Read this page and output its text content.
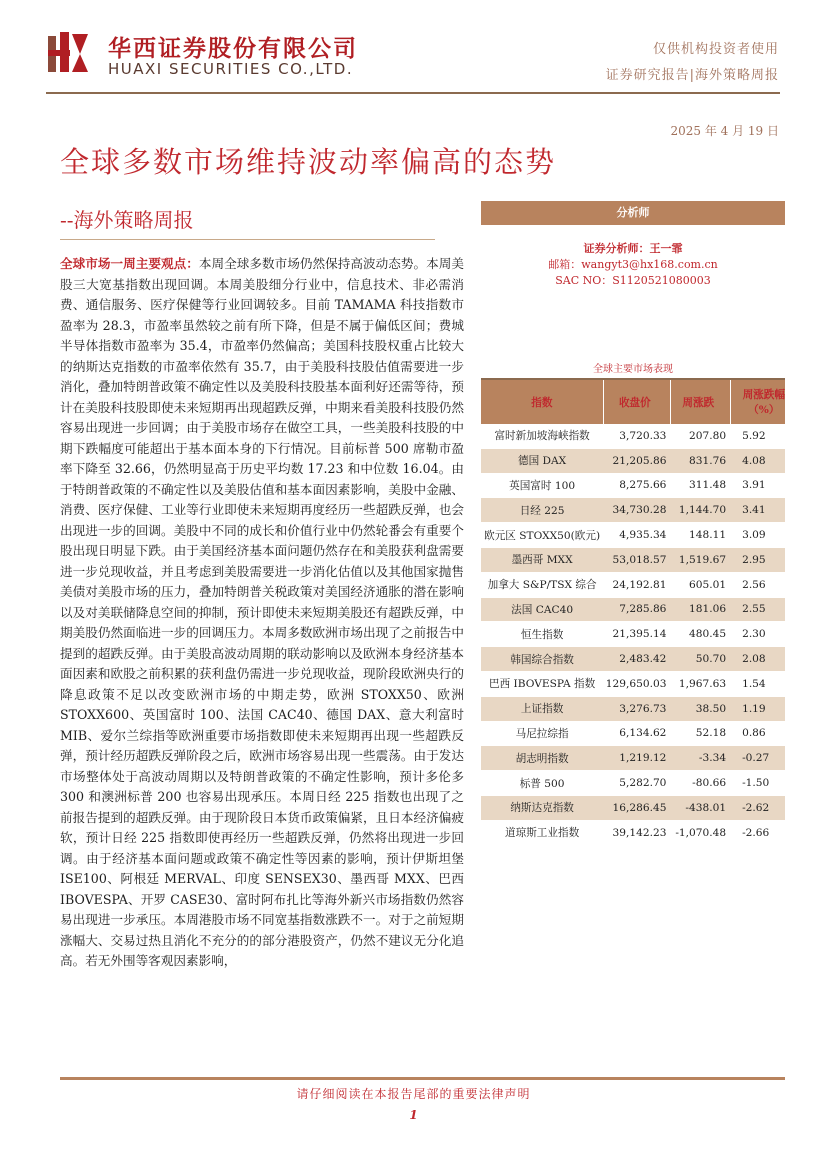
华西证券股份有限公司
HUAXI SECURITIES CO.,LTD.
仅供机构投资者使用
证券研究报告|海外策略周报
2025 年 4 月 19 日
全球多数市场维持波动率偏高的态势
--海外策略周报
全球市场一周主要观点：本周全球多数市场仍然保持高波动态势。本周美股三大宽基指数出现回调。本周美股细分行业中，信息技术、非必需消费、通信服务、医疗保健等行业回调较多。目前 TAMAMA 科技指数市盈率为 28.3，市盈率虽然较之前有所下降，但是不属于偏低区间；费城半导体指数市盈率为 35.4，市盈率仍然偏高；美国科技股权重占比较大的纳斯达克指数的市盈率依然有 35.7，由于美股科技股估值需要进一步消化，叠加特朗普政策不确定性以及美股科技股基本面利好还需等待，预计在美股科技股即使未来短期再出现超跌反弹，中期来看美股科技股仍然容易出现进一步回调；由于美股市场存在做空工具，一些美股科技股的中期下跌幅度可能超出于基本面本身的下行情况。目前标普 500 席勒市盈率下降至 32.66，仍然明显高于历史平均数 17.23 和中位数 16.04。由于特朗普政策的不确定性以及美股估值和基本面因素影响，美股中金融、消费、医疗保健、工业等行业即使未来短期再度经历一些超跌反弹，也会出现进一步的回调。美股中不同的成长和价值行业中仍然轮番会有重要个股出现日明显下跌。由于美国经济基本面问题仍然存在和美股获利盘需要进一步兑现收益，并且考虑到美股需要进一步消化估值以及其他国家抛售美债对美股市场的压力，叠加特朗普关税政策对美国经济通胀的潜在影响以及对美联储降息空间的抑制，预计即使未来短期美股还有超跌反弹，中期美股仍然面临进一步的回调压力。本周多数欧洲市场出现了之前报告中提到的超跌反弹。由于美股高波动周期的联动影响以及欧洲本身经济基本面因素和欧股之前积累的获利盘仍需进一步兑现收益，现阶段欧洲央行的降息政策不足以改变欧洲市场的中期走势，欧洲 STOXX50、欧洲 STOXX600、英国富时 100、法国 CAC40、德国 DAX、意大利富时 MIB、爱尔兰综指等欧洲重要市场指数即使未来短期再出现一些超跌反弹，预计经历超跌反弹阶段之后，欧洲市场容易出现一些震荡。由于发达市场整体处于高波动周期以及特朗普政策的不确定性影响，预计多伦多 300 和澳洲标普 200 也容易出现承压。本周日经 225 指数也出现了之前报告提到的超跌反弹。由于现阶段日本货币政策偏紧，且日本经济偏疲软，预计日经 225 指数即使再经历一些超跌反弹，仍然将出现进一步回调。由于经济基本面问题或政策不确定性等因素的影响，预计伊斯坦堡 ISE100、阿根廷 MERVAL、印度 SENSEX30、墨西哥 MXX、巴西 IBOVESPA、开罗 CASE30、富时阿布扎比等海外新兴市场指数仍然容易出现进一步承压。本周港股市场不同宽基指数涨跌不一。对于之前短期涨幅大、交易过热且消化不充分的的部分港股资产，仍然不建议无分化追高。若无外围等客观因素影响，
分析师
证券分析师：王一霏
邮箱：wangyt3@hx168.com.cn
SAC NO：S1120521080003
全球主要市场表现
指数	收盘价	周涨跌	周涨跌幅（%）
富时新加坡海峡指数	3,720.33	207.80	5.92
德国 DAX	21,205.86	831.76	4.08
英国富时 100	8,275.66	311.48	3.91
日经 225	34,730.28	1,144.70	3.41
欧元区 STOXX50(欧元)	4,935.34	148.11	3.09
墨西哥 MXX	53,018.57	1,519.67	2.95
加拿大 S&P/TSX 综合	24,192.81	605.01	2.56
法国 CAC40	7,285.86	181.06	2.55
恒生指数	21,395.14	480.45	2.30
韩国综合指数	2,483.42	50.70	2.08
巴西 IBOVESPA 指数	129,650.03	1,967.63	1.54
上证指数	3,276.73	38.50	1.19
马尼拉综指	6,134.62	52.18	0.86
胡志明指数	1,219.12	-3.34	-0.27
标普 500	5,282.70	-80.66	-1.50
纳斯达克指数	16,286.45	-438.01	-2.62
道琼斯工业指数	39,142.23	-1,070.48	-2.66
请仔细阅读在本报告尾部的重要法律声明
1
